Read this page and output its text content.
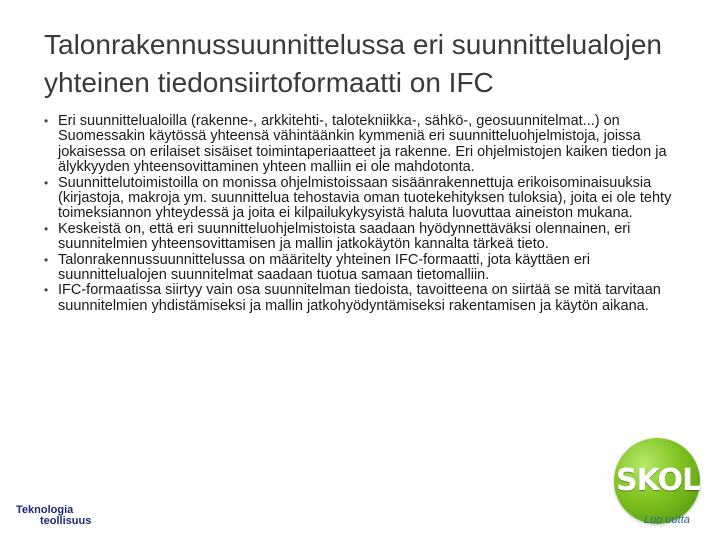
Talonrakennussuunnittelussa eri suunnittelualojen yhteinen tiedonsiirtoformaatti on IFC
• Eri suunnittelualoilla (rakenne-, arkkitehti-, talotekniikka-, sähkö-, geosuunnitelmat...) on Suomessakin käytössä yhteensä vähintäänkin kymmeniä eri suunnitteluohjelmistoja, joissa jokaisessa on erilaiset sisäiset toimintaperiaatteet ja rakenne. Eri ohjelmistojen kaiken tiedon ja älykkyyden yhteensovittaminen yhteen malliin ei ole mahdotonta.
• Suunnittelutoimistoilla on monissa ohjelmistoissaan sisäänrakennettuja erikoisominaisuuksia (kirjastoja, makroja ym. suunnittelua tehostavia oman tuotekehityksen tuloksia), joita ei ole tehty toimeksiannon yhteydessä ja joita ei kilpailukykysyistä haluta luovuttaa aineiston mukana.
• Keskeistä on, että eri suunnitteluohjelmistoista saadaan hyödynnettäväksi olennainen, eri suunnitelmien yhteensovittamisen ja mallin jatkokäytön kannalta tärkeä tieto.
• Talonrakennussuunnittelussa on määritelty yhteinen IFC-formaatti, jota käyttäen eri suunnittelualojen suunnitelmat saadaan tuotua samaan tietomalliin.
• IFC-formaatissa siirtyy vain osa suunnitelman tiedoista, tavoitteena on siirtää se mitä tarvitaan suunnitelmien yhdistämiseksi ja mallin jatkohyödyntämiseksi rakentamisen ja käytön aikana.
Teknologia
teollisuus
SKOL
Luo uutta
